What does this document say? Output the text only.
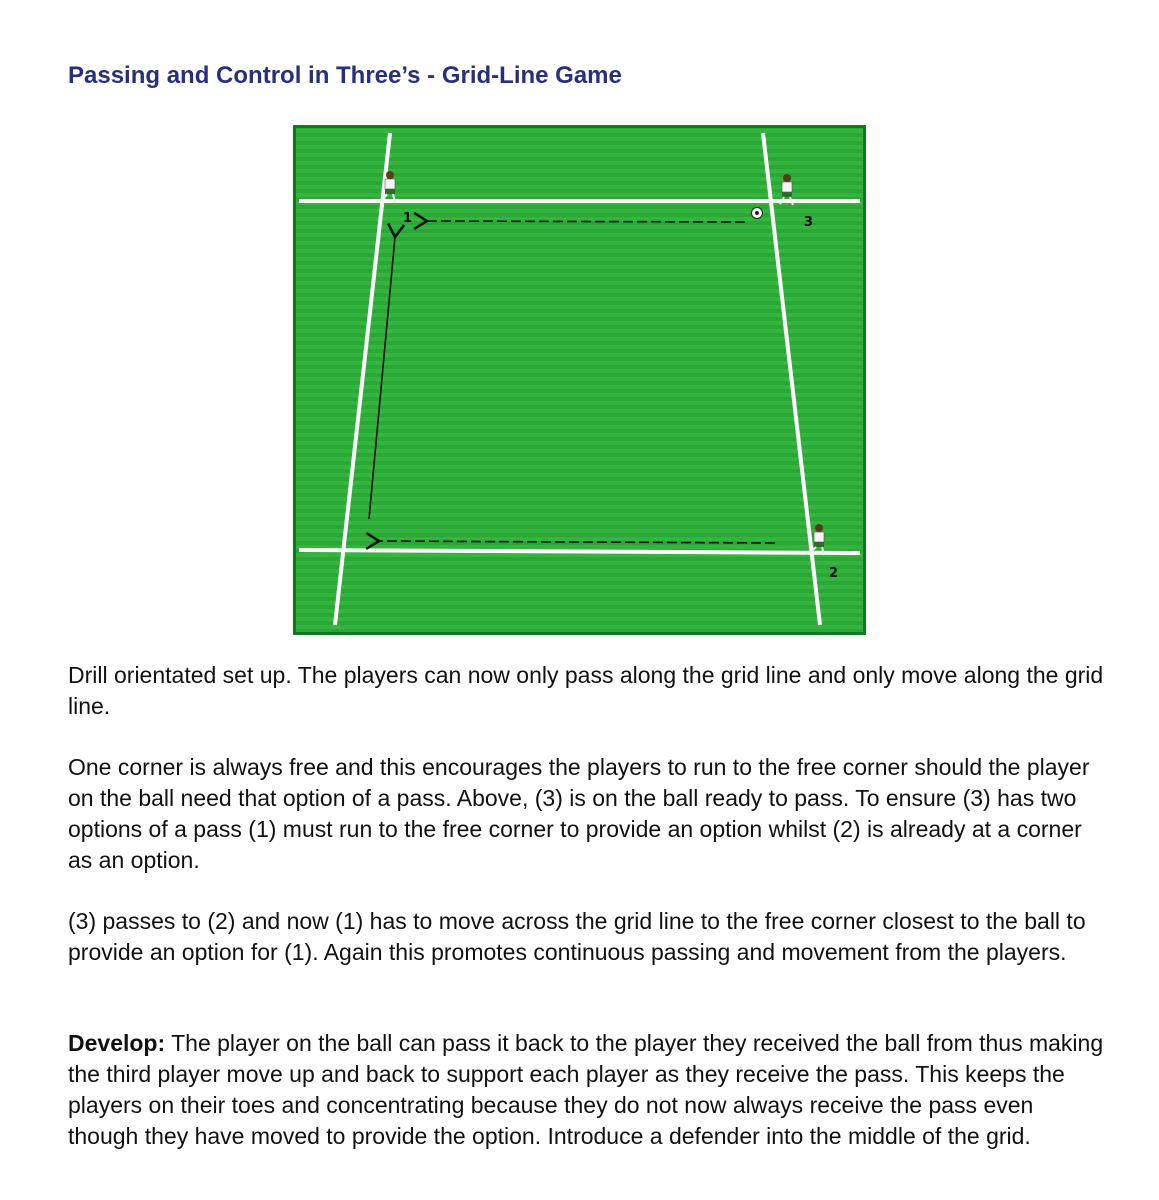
Passing and Control in Three’s - Grid-Line Game
1	3
2

Drill orientated set up. The players can now only pass along the grid line and only move along the grid line.

One corner is always free and this encourages the players to run to the free corner should the player on the ball need that option of a pass. Above, (3) is on the ball ready to pass. To ensure (3) has two options of a pass (1) must run to the free corner to provide an option whilst (2) is already at a corner as an option.

(3) passes to (2) and now (1) has to move across the grid line to the free corner closest to the ball to provide an option for (1). Again this promotes continuous passing and movement from the players.

Develop: The player on the ball can pass it back to the player they received the ball from thus making the third player move up and back to support each player as they receive the pass. This keeps the players on their toes and concentrating because they do not now always receive the pass even though they have moved to provide the option. Introduce a defender into the middle of the grid.
